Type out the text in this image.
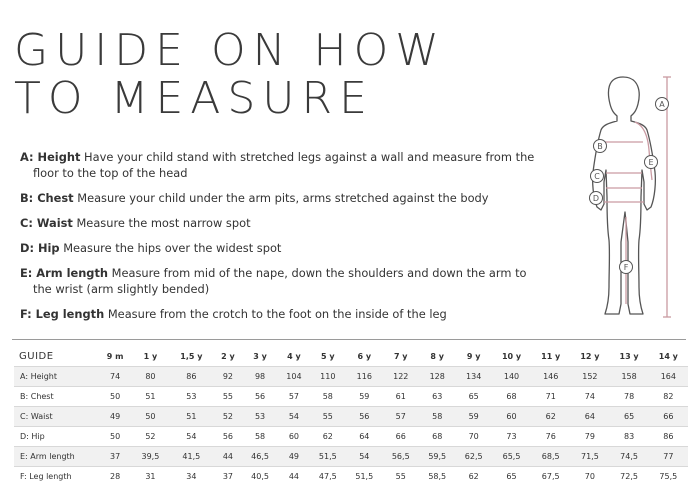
GUIDE ON HOW
TO MEASURE
A: Height Have your child stand with stretched legs against a wall and measure from the floor to the top of the head
B: Chest Measure your child under the arm pits, arms stretched against the body
C: Waist Measure the most narrow spot
D: Hip Measure the hips over the widest spot
E: Arm length Measure from mid of the nape, down the shoulders and down the arm to the wrist (arm slightly bended)
F: Leg length Measure from the crotch to the foot on the inside of the leg
A
B
E
C
D
F
GUIDE	9 m	1 y	1,5 y	2 y	3 y	4 y	5 y	6 y	7 y	8 y	9 y	10 y	11 y	12 y	13 y	14 y
A: Height	74	80	86	92	98	104	110	116	122	128	134	140	146	152	158	164
B: Chest	50	51	53	55	56	57	58	59	61	63	65	68	71	74	78	82
C: Waist	49	50	51	52	53	54	55	56	57	58	59	60	62	64	65	66
D: Hip	50	52	54	56	58	60	62	64	66	68	70	73	76	79	83	86
E: Arm length	37	39,5	41,5	44	46,5	49	51,5	54	56,5	59,5	62,5	65,5	68,5	71,5	74,5	77
F: Leg length	28	31	34	37	40,5	44	47,5	51,5	55	58,5	62	65	67,5	70	72,5	75,5
